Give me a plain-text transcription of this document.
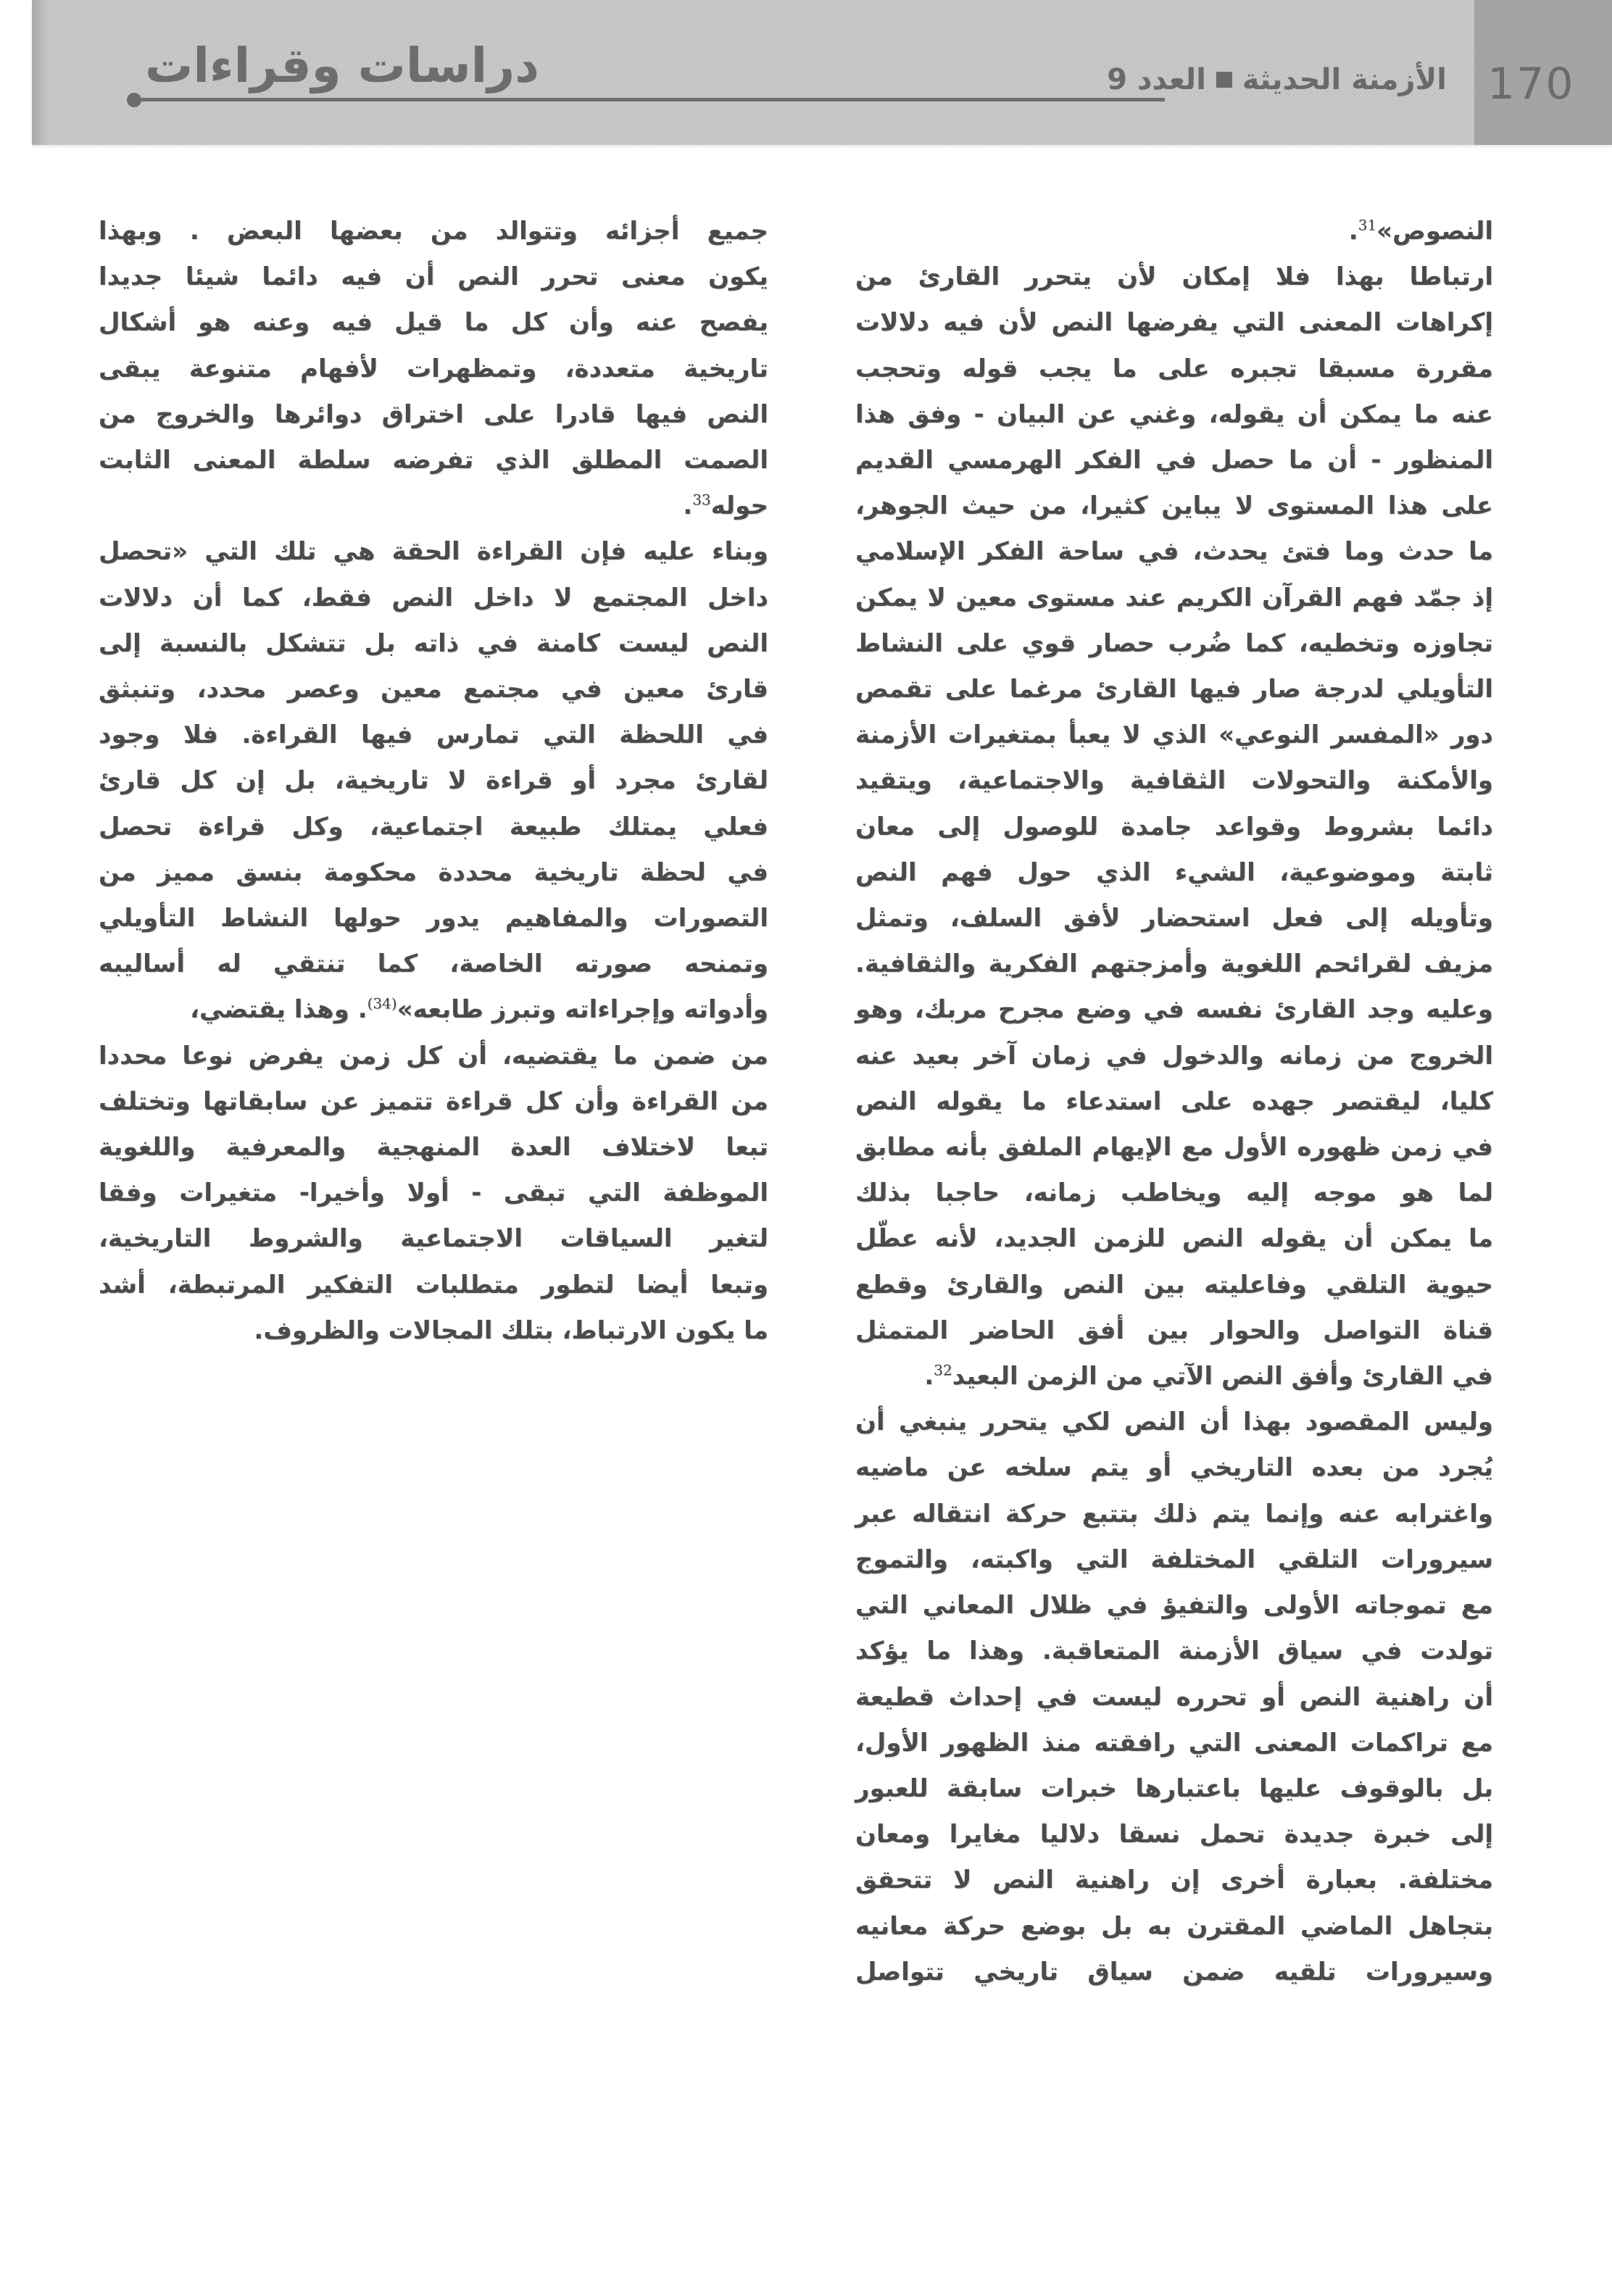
دراسات وقراءات	الأزمنة الحديثة
العدد 9	170

النصوص»$^{31}$.

ارتباطا بهذا فلا إمكان لأن يتحرر القارئ من
إكراهات المعنى التي يفرضها النص لأن فيه دلالات
مقررة مسبقا تجبره على ما يجب قوله وتحجب
عنه ما يمكن أن يقوله، وغني عن البيان - وفق هذا
المنظور - أن ما حصل في الفكر الهرمسي القديم
على هذا المستوى لا يباين كثيرا، من حيث الجوهر،
ما حدث وما فتئ يحدث، في ساحة الفكر الإسلامي
إذ جمّد فهم القرآن الكريم عند مستوى معين لا يمكن
تجاوزه وتخطيه، كما ضُرب حصار قوي على النشاط
التأويلي لدرجة صار فيها القارئ مرغما على تقمص
دور «المفسر النوعي» الذي لا يعبأ بمتغيرات الأزمنة
والأمكنة والتحولات الثقافية والاجتماعية، ويتقيد
دائما بشروط وقواعد جامدة للوصول إلى معان
ثابتة وموضوعية، الشيء الذي حول فهم النص
وتأويله إلى فعل استحضار لأفق السلف، وتمثل
مزيف لقرائحم اللغوية وأمزجتهم الفكرية والثقافية.
وعليه وجد القارئ نفسه في وضع مجرح مربك، وهو
الخروج من زمانه والدخول في زمان آخر بعيد عنه
كليا، ليقتصر جهده على استدعاء ما يقوله النص
في زمن ظهوره الأول مع الإيهام الملفق بأنه مطابق
لما هو موجه إليه ويخاطب زمانه، حاجبا بذلك
ما يمكن أن يقوله النص للزمن الجديد، لأنه عطّل
حيوية التلقي وفاعليته بين النص والقارئ وقطع
قناة التواصل والحوار بين أفق الحاضر المتمثل
في القارئ وأفق النص الآتي من الزمن البعيد$^{32}$.

وليس المقصود بهذا أن النص لكي يتحرر ينبغي أن
يُجرد من بعده التاريخي أو يتم سلخه عن ماضيه
واغترابه عنه وإنما يتم ذلك بتتبع حركة انتقاله عبر
سيرورات التلقي المختلفة التي واكبته، والتموج
مع تموجاته الأولى والتفيؤ في ظلال المعاني التي
تولدت في سياق الأزمنة المتعاقبة. وهذا ما يؤكد
أن راهنية النص أو تحرره ليست في إحداث قطيعة
مع تراكمات المعنى التي رافقته منذ الظهور الأول،
بل بالوقوف عليها باعتبارها خبرات سابقة للعبور
إلى خبرة جديدة تحمل نسقا دلاليا مغايرا ومعان
مختلفة. بعبارة أخرى إن راهنية النص لا تتحقق
بتجاهل الماضي المقترن به بل بوضع حركة معانيه
وسيرورات تلقيه ضمن سياق تاريخي تتواصل

جميع أجزائه وتتوالد من بعضها البعض . وبهذا
يكون معنى تحرر النص أن فيه دائما شيئا جديدا
يفصح عنه وأن كل ما قيل فيه وعنه هو أشكال
تاريخية متعددة، وتمظهرات لأفهام متنوعة يبقى
النص فيها قادرا على اختراق دوائرها والخروج من
الصمت المطلق الذي تفرضه سلطة المعنى الثابت
حوله$^{33}$.

وبناء عليه فإن القراءة الحقة هي تلك التي «تحصل
داخل المجتمع لا داخل النص فقط، كما أن دلالات
النص ليست كامنة في ذاته بل تتشكل بالنسبة إلى
قارئ معين في مجتمع معين وعصر محدد، وتنبثق
في اللحظة التي تمارس فيها القراءة. فلا وجود
لقارئ مجرد أو قراءة لا تاريخية، بل إن كل قارئ
فعلي يمتلك طبيعة اجتماعية، وكل قراءة تحصل
في لحظة تاريخية محددة محكومة بنسق مميز من
التصورات والمفاهيم يدور حولها النشاط التأويلي
وتمنحه صورته الخاصة، كما تنتقي له أساليبه
وأدواته وإجراءاته وتبرز طابعه»$^{(34)}$. وهذا يقتضي،
من ضمن ما يقتضيه، أن كل زمن يفرض نوعا محددا
من القراءة وأن كل قراءة تتميز عن سابقاتها وتختلف
تبعا لاختلاف العدة المنهجية والمعرفية واللغوية
الموظفة التي تبقى - أولا وأخيرا- متغيرات وفقا
لتغير السياقات الاجتماعية والشروط التاريخية،
وتبعا أيضا لتطور متطلبات التفكير المرتبطة، أشد
ما يكون الارتباط، بتلك المجالات والظروف.
